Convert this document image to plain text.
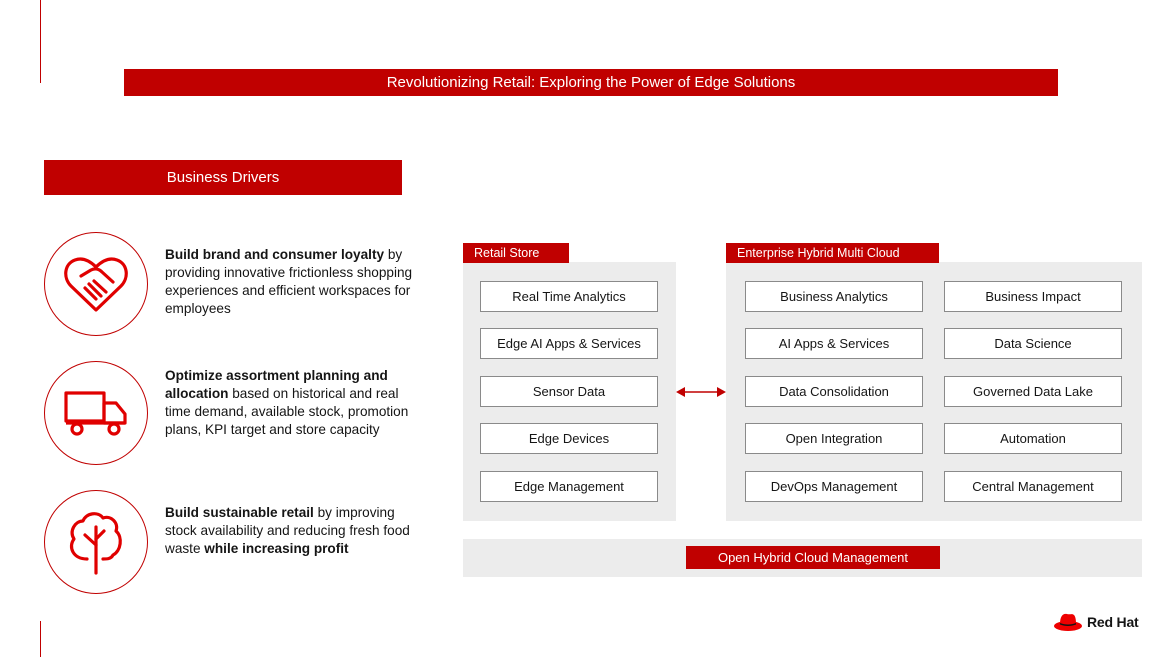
Revolutionizing Retail: Exploring the Power of Edge Solutions
Business Drivers
Build brand and consumer loyalty by providing innovative frictionless shopping experiences and efficient workspaces for employees
Optimize assortment planning and allocation based on historical and real time demand, available stock, promotion plans, KPI target and store capacity
Build sustainable retail by improving stock availability and reducing fresh food waste while increasing profit
Retail Store
Real Time Analytics
Edge AI Apps & Services
Sensor Data
Edge Devices
Edge Management
Enterprise Hybrid Multi Cloud
Business Analytics
AI Apps & Services
Data Consolidation
Open Integration
DevOps Management
Business Impact
Data Science
Governed Data Lake
Automation
Central Management
Open Hybrid Cloud Management
Red Hat
